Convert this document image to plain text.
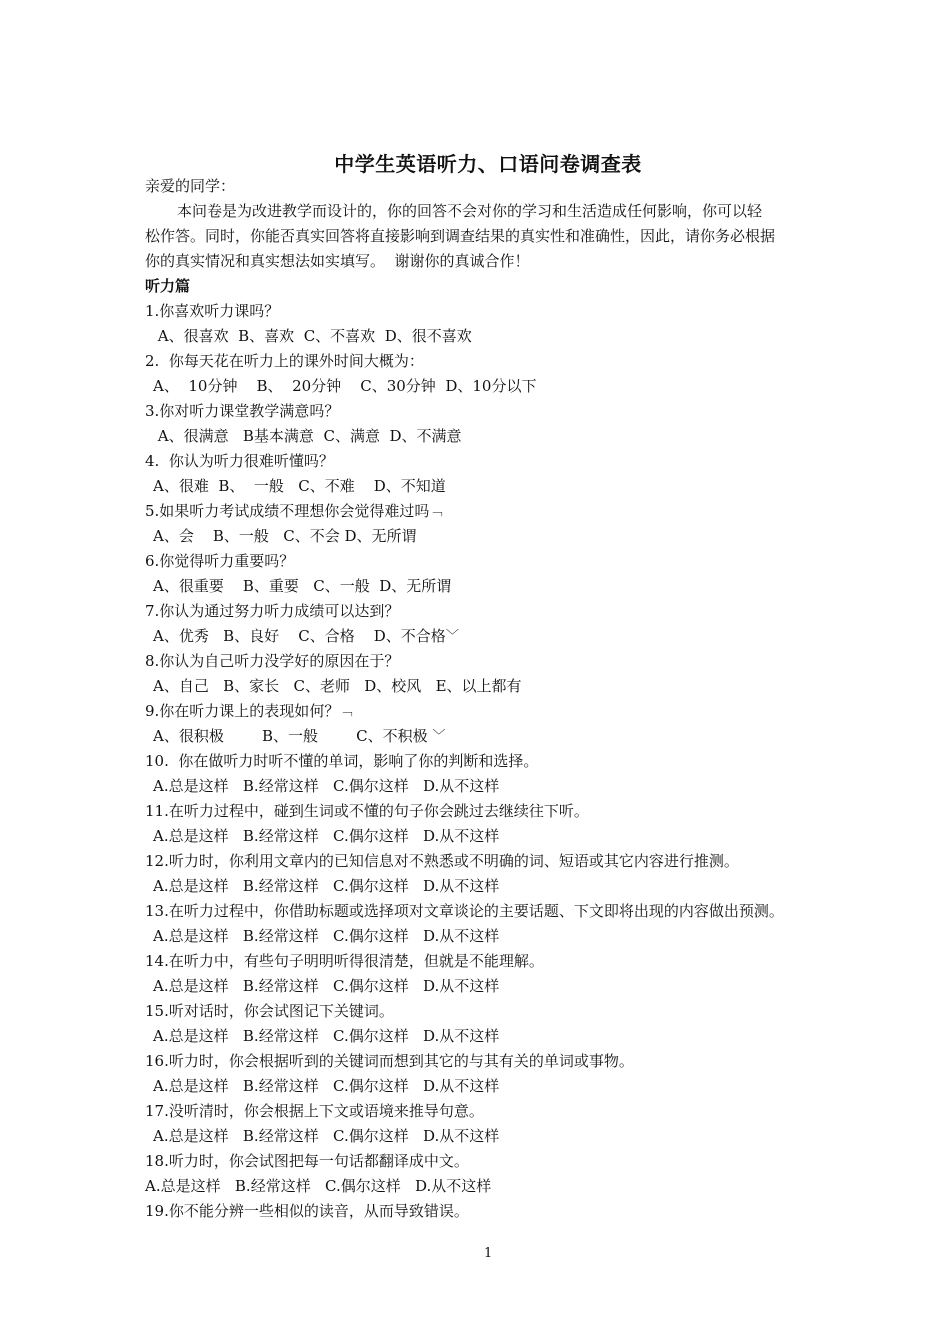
中学生英语听力、口语问卷调查表
亲爱的同学：
本问卷是为改进教学而设计的，你的回答不会对你的学习和生活造成任何影响，你可以轻
松作答。同时，你能否真实回答将直接影响到调查结果的真实性和准确性，因此，请你务必根据
你的真实情况和真实想法如实填写。  谢谢你的真诚合作！
听力篇
1.你喜欢听力课吗？
A、很喜欢  B、喜欢  C、不喜欢  D、很不喜欢
2.  你每天花在听力上的课外时间大概为：
A、  10分钟    B、  20分钟    C、30分钟  D、10分以下
3.你对听力课堂教学满意吗？
A、很满意   B基本满意  C、满意  D、不满意
4.  你认为听力很难听懂吗？
A、很难  B、  一般   C、不难    D、不知道
5.如果听力考试成绩不理想你会觉得难过吗﹁
A、会    B、一般   C、不会 D、无所谓
6.你觉得听力重要吗？
A、很重要    B、重要   C、一般  D、无所谓
7.你认为通过努力听力成绩可以达到？
A、优秀   B、良好    C、合格    D、不合格﹀
8.你认为自己听力没学好的原因在于？
A、自己   B、家长   C、老师   D、校风   E、以上都有
9.你在听力课上的表现如何？﹁
A、很积极        B、一般        C、不积极 ﹀
10.  你在做听力时听不懂的单词，影响了你的判断和选择。
A.总是这样   B.经常这样   C.偶尔这样   D.从不这样
11.在听力过程中，碰到生词或不懂的句子你会跳过去继续往下听。
A.总是这样   B.经常这样   C.偶尔这样   D.从不这样
12.听力时，你利用文章内的已知信息对不熟悉或不明确的词、短语或其它内容进行推测。
A.总是这样   B.经常这样   C.偶尔这样   D.从不这样
13.在听力过程中，你借助标题或选择项对文章谈论的主要话题、下文即将出现的内容做出预测。
A.总是这样   B.经常这样   C.偶尔这样   D.从不这样
14.在听力中，有些句子明明听得很清楚，但就是不能理解。
A.总是这样   B.经常这样   C.偶尔这样   D.从不这样
15.听对话时，你会试图记下关键词。
A.总是这样   B.经常这样   C.偶尔这样   D.从不这样
16.听力时，你会根据听到的关键词而想到其它的与其有关的单词或事物。
A.总是这样   B.经常这样   C.偶尔这样   D.从不这样
17.没听清时，你会根据上下文或语境来推导句意。
A.总是这样   B.经常这样   C.偶尔这样   D.从不这样
18.听力时，你会试图把每一句话都翻译成中文。
A.总是这样   B.经常这样   C.偶尔这样   D.从不这样
19.你不能分辨一些相似的读音，从而导致错误。
1
